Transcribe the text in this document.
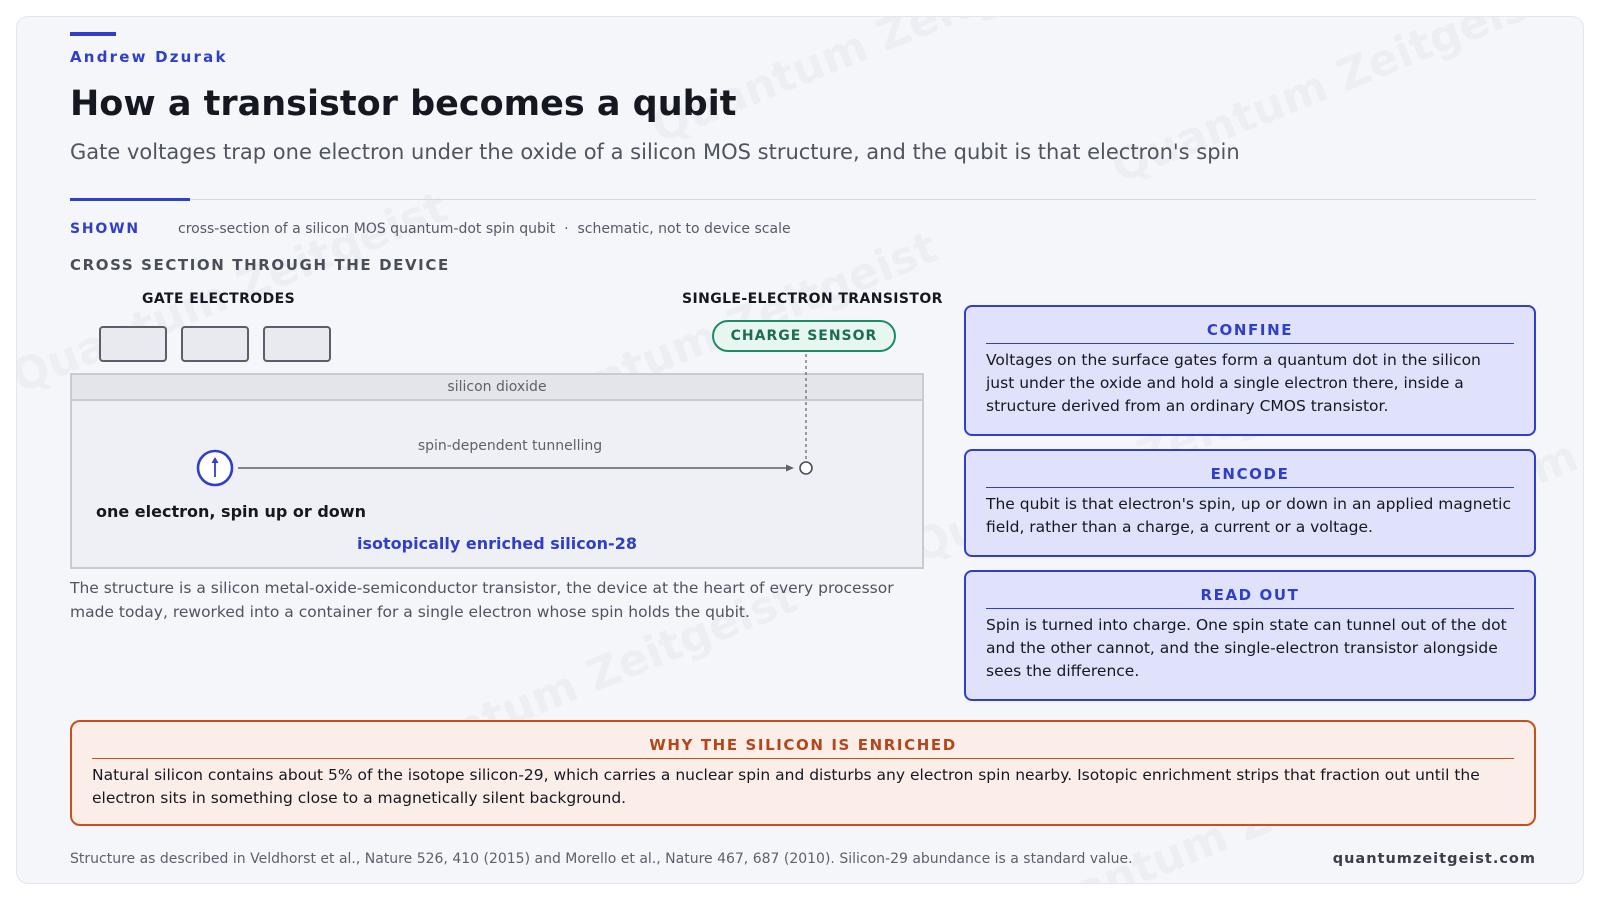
Andrew Dzurak
How a transistor becomes a qubit
Gate voltages trap one electron under the oxide of a silicon MOS structure, and the qubit is that electron's spin
SHOWN	cross-section of a silicon MOS quantum-dot spin qubit  ·  schematic, not to device scale
CROSS SECTION THROUGH THE DEVICE
GATE ELECTRODES	SINGLE-ELECTRON TRANSISTOR
CHARGE SENSOR
silicon dioxide
spin-dependent tunnelling
one electron, spin up or down
isotopically enriched silicon-28
The structure is a silicon metal-oxide-semiconductor transistor, the device at the heart of every processor made today, reworked into a container for a single electron whose spin holds the qubit.
CONFINE
Voltages on the surface gates form a quantum dot in the silicon just under the oxide and hold a single electron there, inside a structure derived from an ordinary CMOS transistor.
ENCODE
The qubit is that electron's spin, up or down in an applied magnetic field, rather than a charge, a current or a voltage.
READ OUT
Spin is turned into charge. One spin state can tunnel out of the dot and the other cannot, and the single-electron transistor alongside sees the difference.
WHY THE SILICON IS ENRICHED
Natural silicon contains about 5% of the isotope silicon-29, which carries a nuclear spin and disturbs any electron spin nearby. Isotopic enrichment strips that fraction out until the electron sits in something close to a magnetically silent background.
Structure as described in Veldhorst et al., Nature 526, 410 (2015) and Morello et al., Nature 467, 687 (2010). Silicon-29 abundance is a standard value.	quantumzeitgeist.com
